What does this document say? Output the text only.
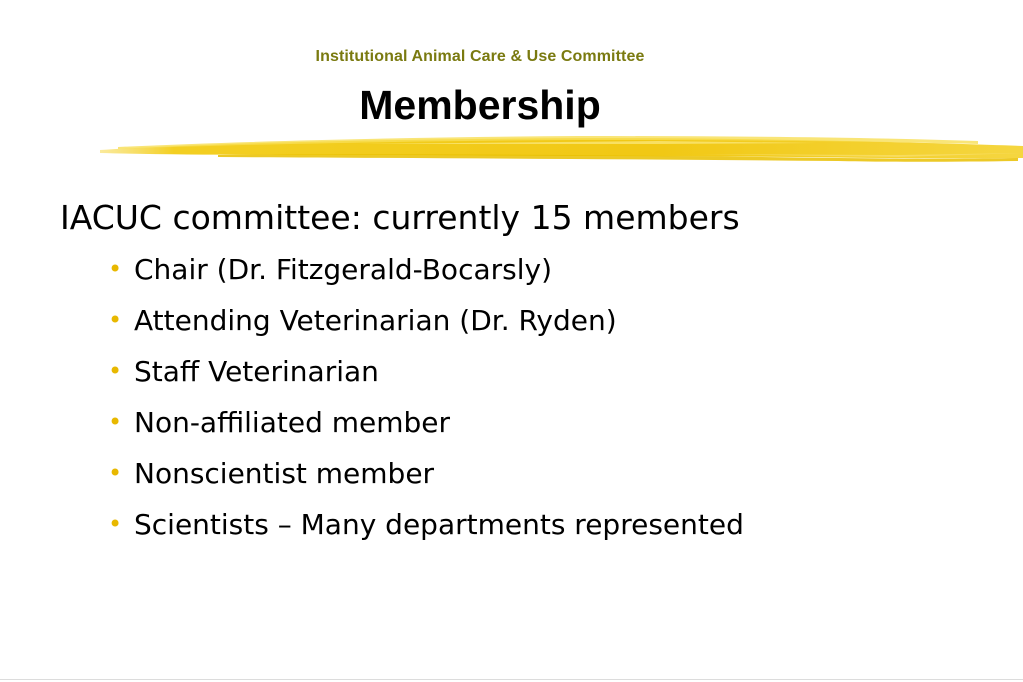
Institutional Animal Care & Use Committee
Membership
IACUC committee: currently 15 members
• Chair (Dr. Fitzgerald-Bocarsly)
• Attending Veterinarian (Dr. Ryden)
• Staff Veterinarian
• Non-affiliated member
• Nonscientist member
• Scientists – Many departments represented
